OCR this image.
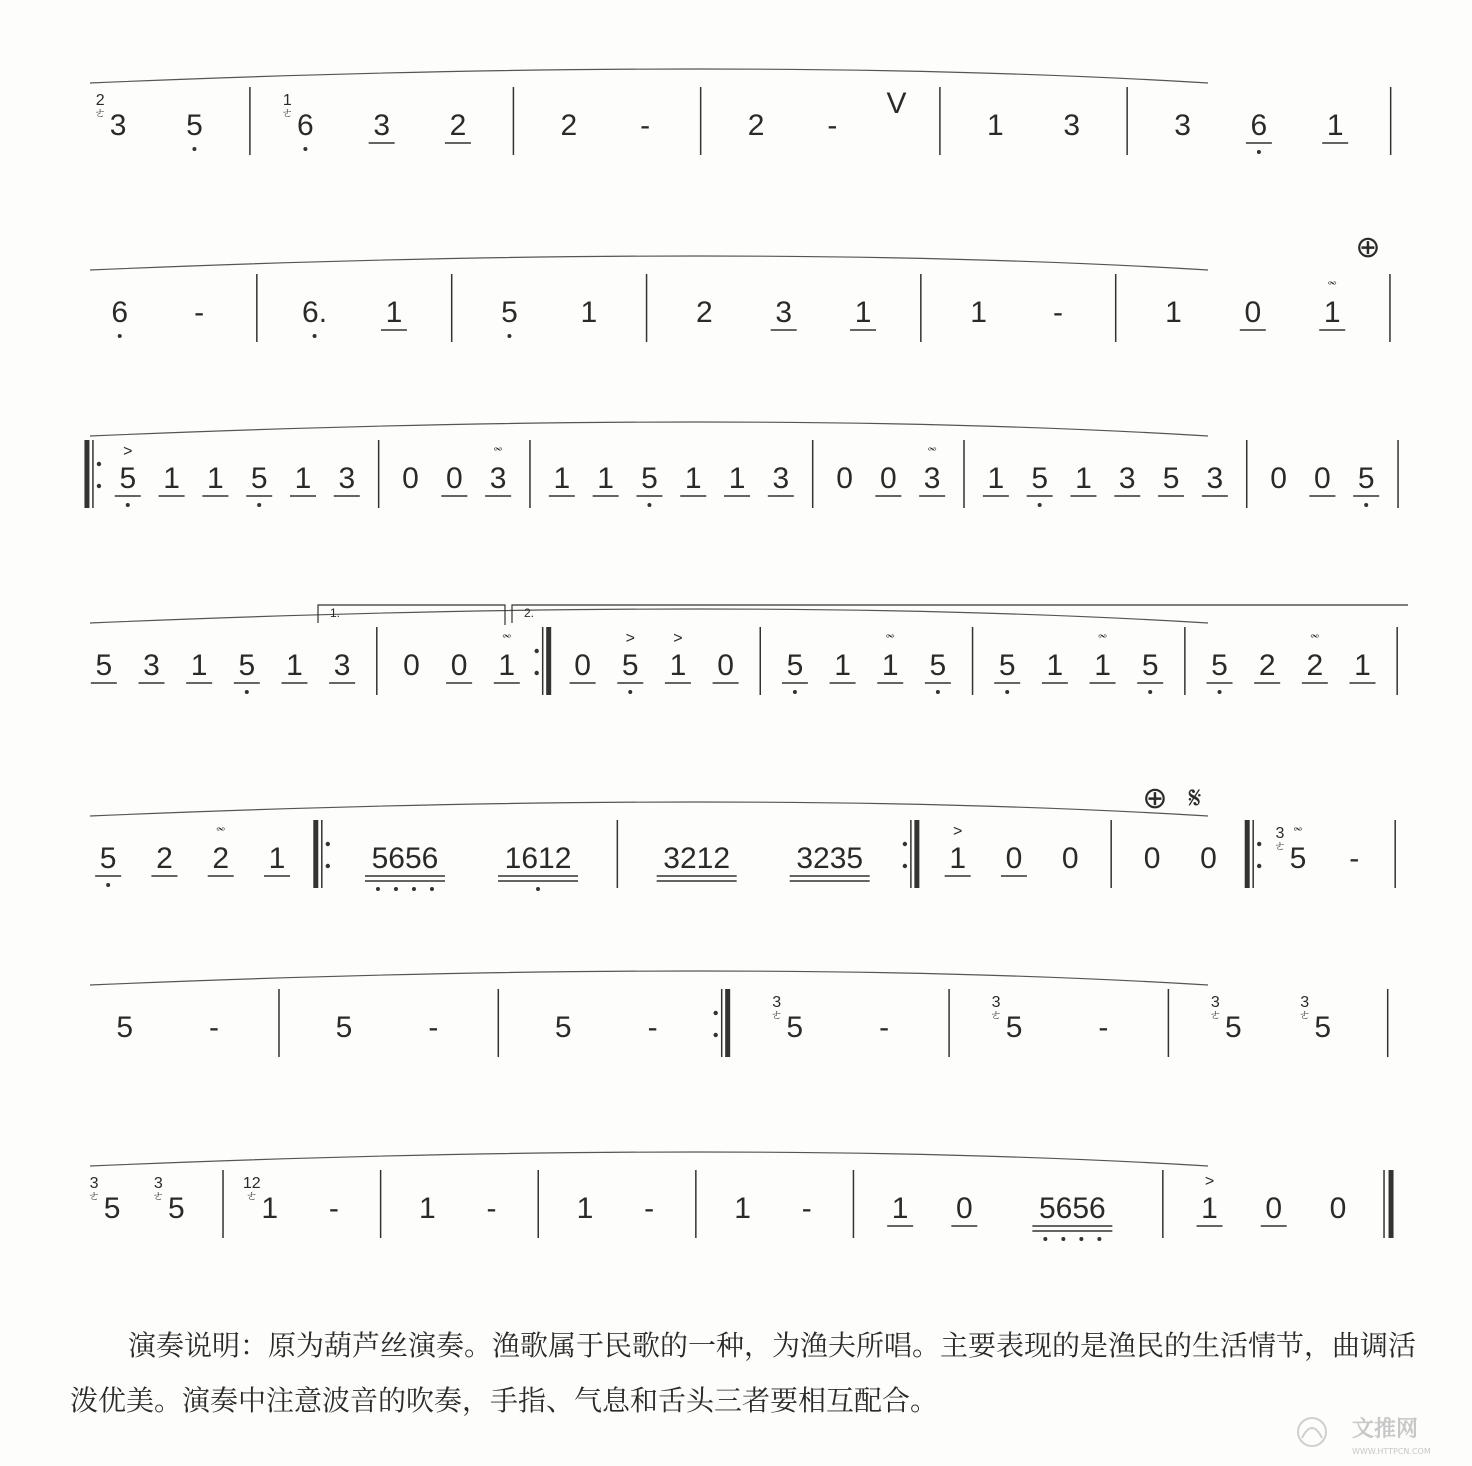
3
2
ㄜ	5	6
1
ㄜ	3 2	2 -	2 -
V
1 3	3 6 1
6 -	6. 1	5 1	2 3 1	1 -	1 0 1
𝆗
⊕
5
>
1 1 5 1 3 0 0 3
𝆗
1 1 5 1 1 3 0 0 3
𝆗
1 5 1 3 5 3 0 0 5
5 3 1 5 1 3 0 0 1
𝆗
0 5
>
1
>
0 5 1 1
𝆗
5 5 1 1
𝆗
5 5 2 2
𝆗
1
1.	2.
5 2 2
𝆗
1	5656 1612	3212 3235	1
>
0 0 0 0 5
𝆗
3
ㄜ -
⊕ 𝄋
5	-	5	-	5	-	5
3
ㄜ	-	5
3
ㄜ	-	5
3
ㄜ	5
3
ㄜ
5
3
ㄜ 5
3
ㄜ	1
12
ㄜ -	1 -	1 -	1 -	1 0 5656	1
>
0 0

演奏说明：原为葫芦丝演奏。渔歌属于民歌的一种，为渔夫所唱。主要表现的是渔民的生活情节，曲调活泼优美。演奏中注意波音的吹奏，手指、气息和舌头三者要相互配合。

文推网
WWW.HTTPCN.COM
